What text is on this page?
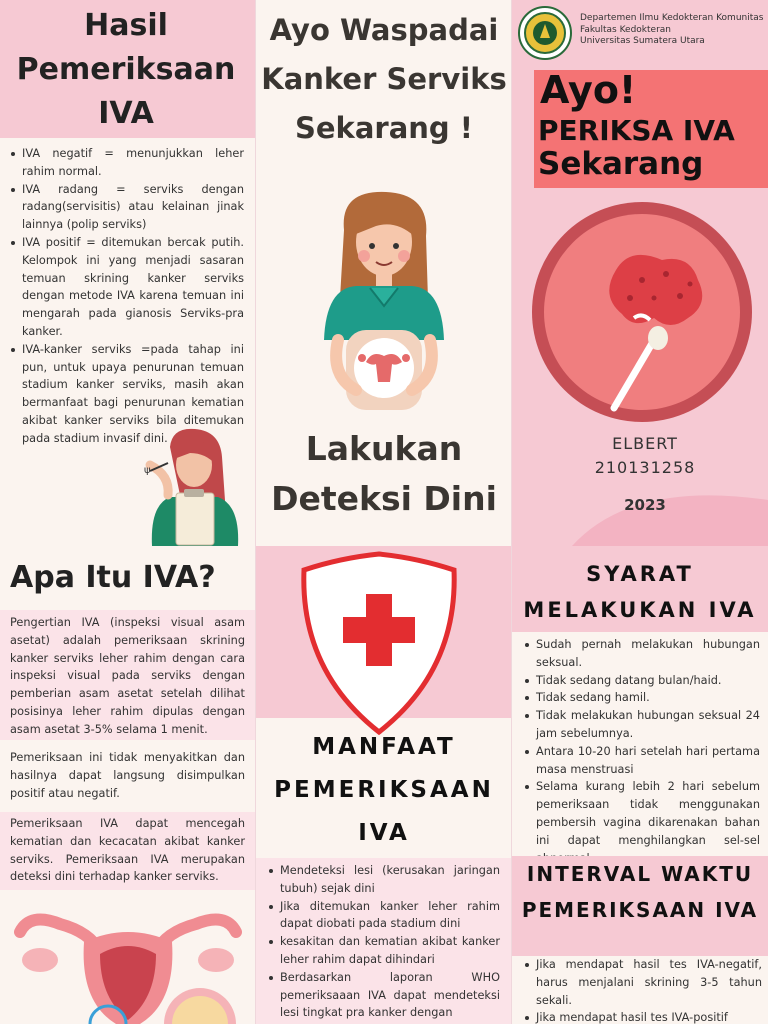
Hasil Pemeriksaan IVA
IVA negatif = menunjukkan leher rahim normal.
IVA radang = serviks dengan radang(servisitis) atau kelainan jinak lainnya (polip serviks)
IVA positif = ditemukan bercak putih. Kelompok ini yang menjadi sasaran temuan skrining kanker serviks dengan metode IVA karena temuan ini mengarah pada gianosis Serviks-pra kanker.
IVA-kanker serviks =pada tahap ini pun, untuk upaya penurunan temuan stadium kanker serviks, masih akan bermanfaat bagi penurunan kematian akibat kanker serviks bila ditemukan pada stadium invasif dini.
ψ
Ayo Waspadai Kanker Serviks Sekarang !
Lakukan Deteksi Dini
Departemen Ilmu Kedokteran Komunitas
Fakultas Kedokteran
Universitas Sumatera Utara
Ayo!
PERIKSA IVA
Sekarang
ELBERT
210131258
2023
Apa Itu IVA?
Pengertian IVA (inspeksi visual asam asetat) adalah pemeriksaan skrining kanker serviks leher rahim dengan cara inspeksi visual pada serviks dengan pemberian asam asetat setelah dilihat posisinya leher rahim dipulas dengan asam asetat 3-5% selama 1 menit.
Pemeriksaan ini tidak menyakitkan dan hasilnya dapat langsung disimpulkan positif atau negatif.
Pemeriksaan IVA dapat mencegah kematian dan kecacatan akibat kanker serviks. Pemeriksaan IVA merupakan deteksi dini terhadap kanker serviks.
MANFAAT PEMERIKSAAN IVA
Mendeteksi lesi (kerusakan jaringan tubuh) sejak dini
Jika ditemukan kanker leher rahim dapat diobati pada stadium dini
kesakitan dan kematian akibat kanker leher rahim dapat dihindari
Berdasarkan laporan WHO pemeriksaaan IVA dapat mendeteksi lesi tingkat pra kanker dengan
SYARAT MELAKUKAN IVA
Sudah pernah melakukan hubungan seksual.
Tidak sedang datang bulan/haid.
Tidak sedang hamil.
Tidak melakukan hubungan seksual 24 jam sebelumnya.
Antara 10-20 hari setelah hari pertama masa menstruasi
Selama kurang lebih 2 hari sebelum pemeriksaan tidak menggunakan pembersih vagina dikarenakan bahan ini dapat menghilangkan sel-sel
INTERVAL WAKTU PEMERIKSAAN IVA
Jika mendapat hasil tes IVA-negatif, harus menjalani skrining 3-5 tahun sekali.
Jika mendapat hasil tes IVA-positif
